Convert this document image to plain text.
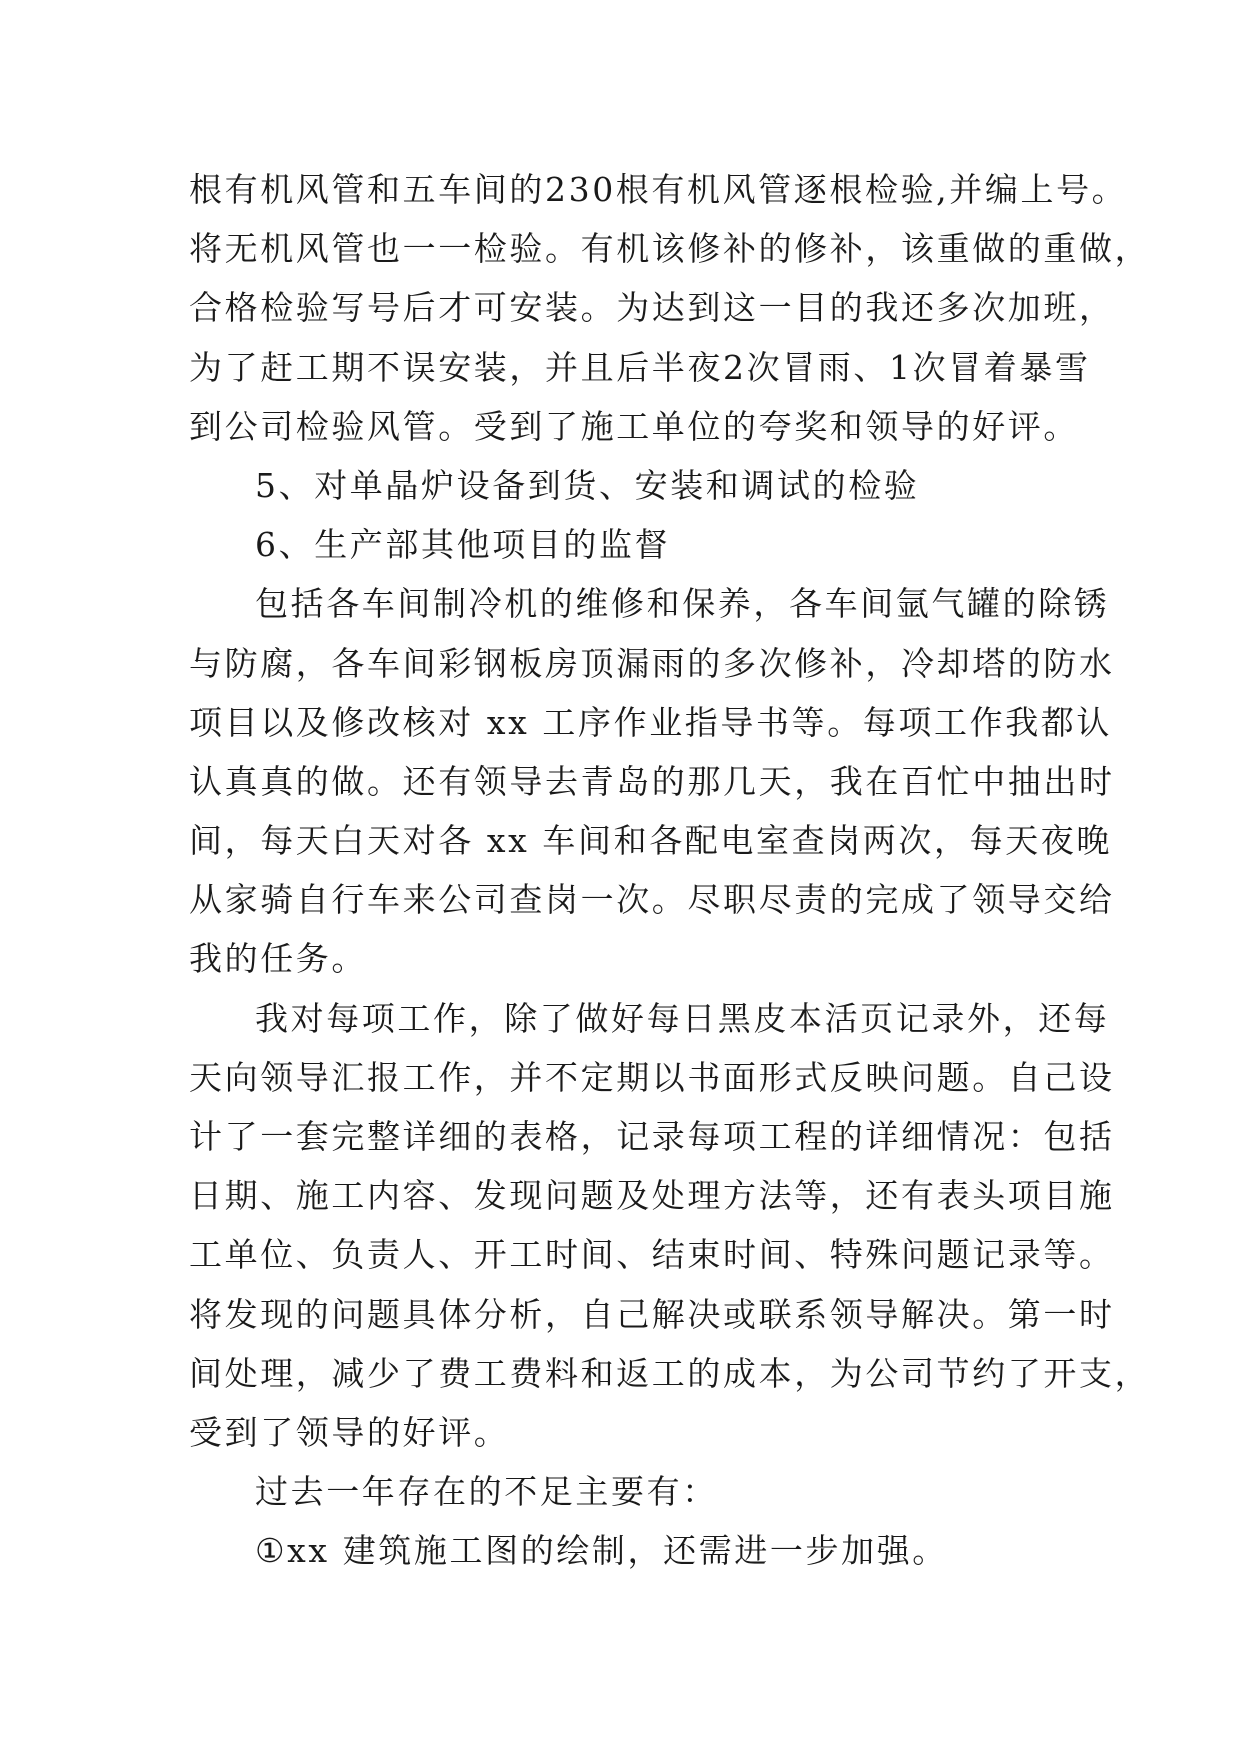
根有机风管和五车间的230根有机风管逐根检验,并编上号。
将无机风管也一一检验。有机该修补的修补，该重做的重做，
合格检验写号后才可安装。为达到这一目的我还多次加班，
为了赶工期不误安装，并且后半夜2次冒雨、1次冒着暴雪
到公司检验风管。受到了施工单位的夸奖和领导的好评。
5、对单晶炉设备到货、安装和调试的检验
6、生产部其他项目的监督
包括各车间制冷机的维修和保养，各车间氩气罐的除锈
与防腐，各车间彩钢板房顶漏雨的多次修补，冷却塔的防水
项目以及修改核对 xx 工序作业指导书等。每项工作我都认
认真真的做。还有领导去青岛的那几天，我在百忙中抽出时
间，每天白天对各 xx 车间和各配电室查岗两次，每天夜晚
从家骑自行车来公司查岗一次。尽职尽责的完成了领导交给
我的任务。
我对每项工作，除了做好每日黑皮本活页记录外，还每
天向领导汇报工作，并不定期以书面形式反映问题。自己设
计了一套完整详细的表格，记录每项工程的详细情况：包括
日期、施工内容、发现问题及处理方法等，还有表头项目施
工单位、负责人、开工时间、结束时间、特殊问题记录等。
将发现的问题具体分析，自己解决或联系领导解决。第一时
间处理，减少了费工费料和返工的成本，为公司节约了开支，
受到了领导的好评。
过去一年存在的不足主要有：
①xx 建筑施工图的绘制，还需进一步加强。
